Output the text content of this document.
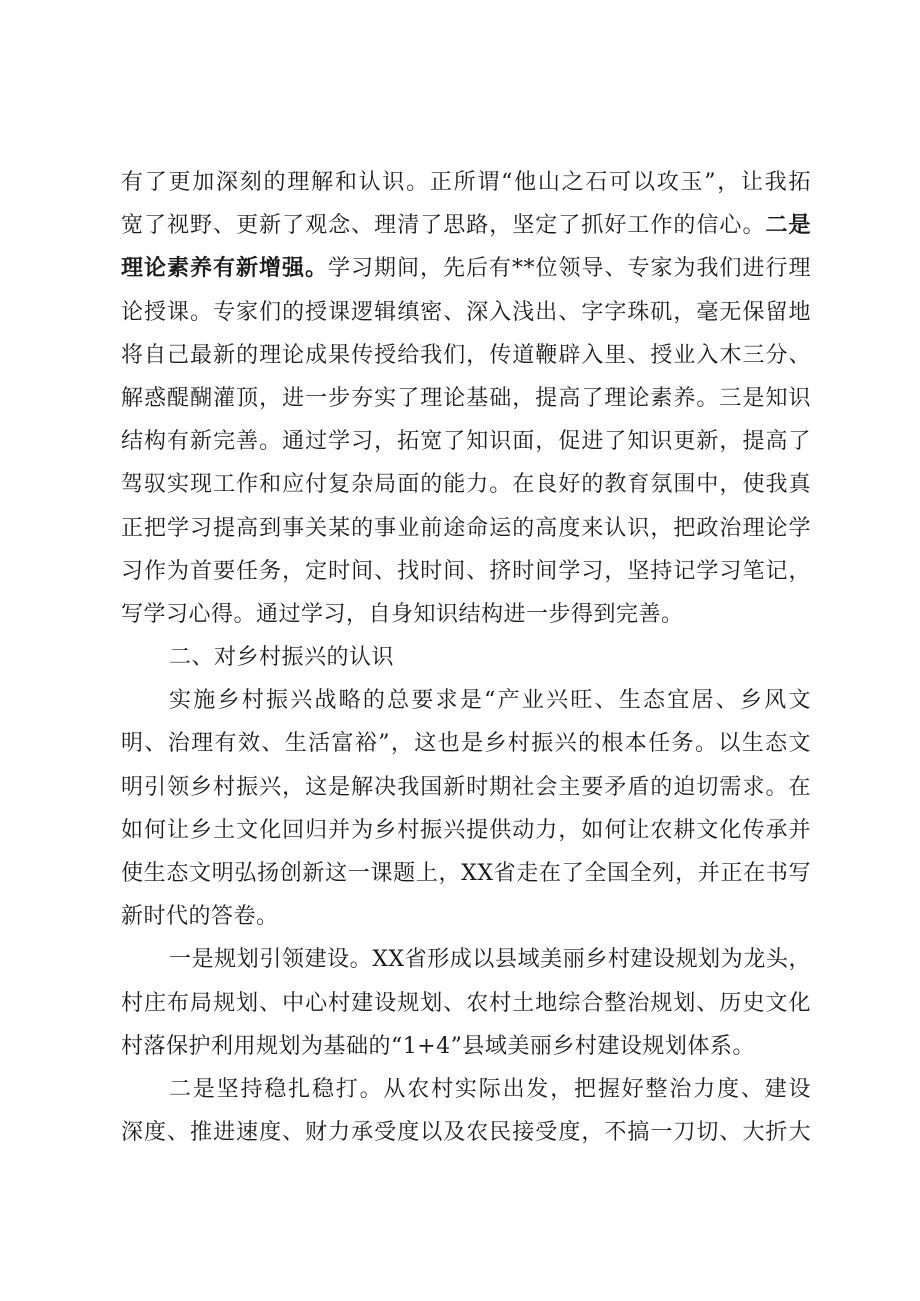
有了更加深刻的理解和认识。正所谓“他山之石可以攻玉”，让我拓
宽了视野、更新了观念、理清了思路，坚定了抓好工作的信心。二是
理论素养有新增强。学习期间，先后有**位领导、专家为我们进行理
论授课。专家们的授课逻辑缜密、深入浅出、字字珠矶，毫无保留地
将自己最新的理论成果传授给我们，传道鞭辟入里、授业入木三分、
解惑醍醐灌顶，进一步夯实了理论基础，提高了理论素养。三是知识
结构有新完善。通过学习，拓宽了知识面，促进了知识更新，提高了
驾驭实现工作和应付复杂局面的能力。在良好的教育氛围中，使我真
正把学习提高到事关某的事业前途命运的高度来认识，把政治理论学
习作为首要任务，定时间、找时间、挤时间学习，坚持记学习笔记，
写学习心得。通过学习，自身知识结构进一步得到完善。
二、对乡村振兴的认识
实施乡村振兴战略的总要求是“产业兴旺、生态宜居、乡风文
明、治理有效、生活富裕”，这也是乡村振兴的根本任务。以生态文
明引领乡村振兴，这是解决我国新时期社会主要矛盾的迫切需求。在
如何让乡土文化回归并为乡村振兴提供动力，如何让农耕文化传承并
使生态文明弘扬创新这一课题上，XX省走在了全国全列，并正在书写
新时代的答卷。
一是规划引领建设。XX省形成以县域美丽乡村建设规划为龙头，
村庄布局规划、中心村建设规划、农村土地综合整治规划、历史文化
村落保护利用规划为基础的“1+4”县域美丽乡村建设规划体系。
二是坚持稳扎稳打。从农村实际出发，把握好整治力度、建设
深度、推进速度、财力承受度以及农民接受度，不搞一刀切、大折大
